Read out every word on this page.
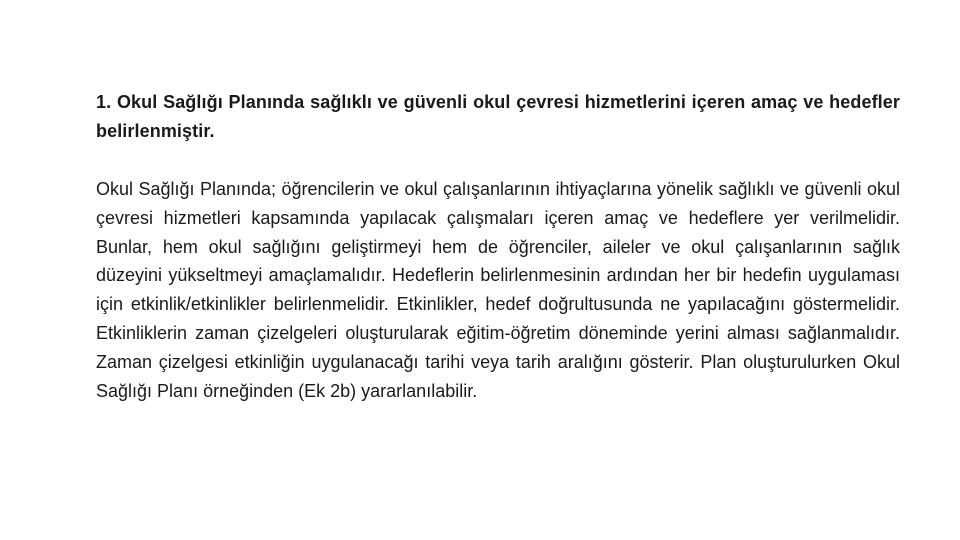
1. Okul Sağlığı Planında sağlıklı ve güvenli okul çevresi hizmetlerini içeren amaç ve hedefler belirlenmiştir.

Okul Sağlığı Planında; öğrencilerin ve okul çalışanlarının ihtiyaçlarına yönelik sağlıklı ve güvenli okul çevresi hizmetleri kapsamında yapılacak çalışmaları içeren amaç ve hedeflere yer verilmelidir. Bunlar, hem okul sağlığını geliştirmeyi hem de öğrenciler, aileler ve okul çalışanlarının sağlık düzeyini yükseltmeyi amaçlamalıdır. Hedeflerin belirlenmesinin ardından her bir hedefin uygulaması için etkinlik/etkinlikler belirlenmelidir. Etkinlikler, hedef doğrultusunda ne yapılacağını göstermelidir. Etkinliklerin zaman çizelgeleri oluşturularak eğitim-öğretim döneminde yerini alması sağlanmalıdır. Zaman çizelgesi etkinliğin uygulanacağı tarihi veya tarih aralığını gösterir. Plan oluşturulurken Okul Sağlığı Planı örneğinden (Ek 2b) yararlanılabilir.
